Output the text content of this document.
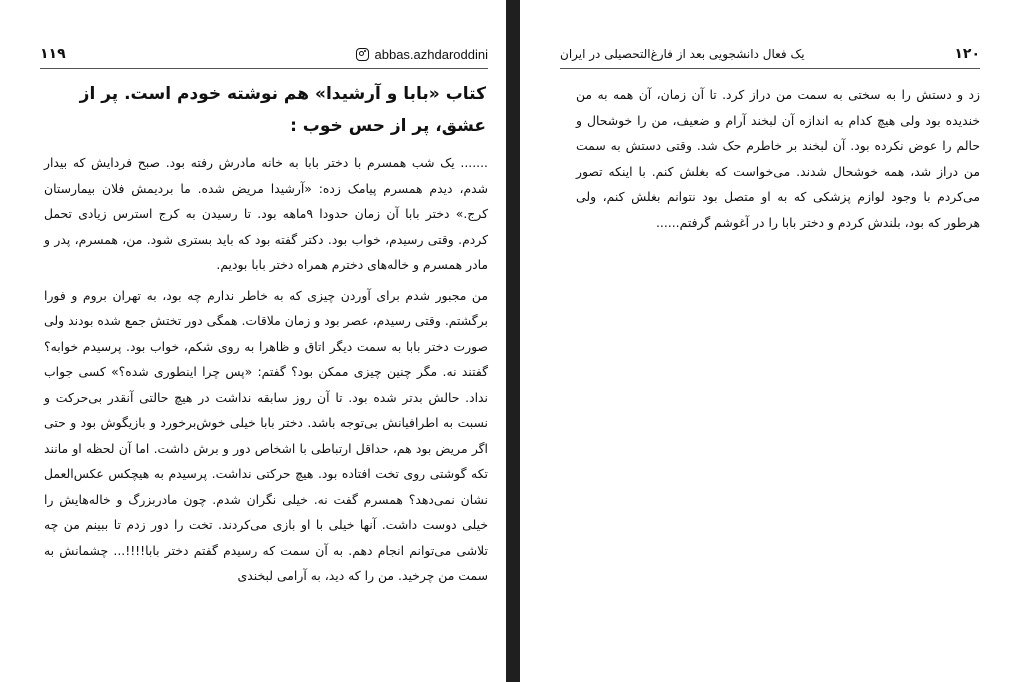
۱۱۹	abbas.azhdaroddini
کتاب «بابا و آرشیدا» هم نوشته خودم است. پر از عشق، پر از حس خوب :

....... یک شب همسرم با دختر بابا به خانه مادرش رفته بود. صبح فردایش که بیدار شدم، دیدم همسرم پیامک زده: «آرشیدا مریض شده. ما بردیمش فلان بیمارستان کرج.» دختر بابا آن زمان حدودا ۹ماهه بود. تا رسیدن به کرج استرس زیادی تحمل کردم. وقتی رسیدم، خواب بود. دکتر گفته بود که باید بستری شود. من، همسرم، پدر و مادر همسرم و خاله‌های دخترم همراه دختر بابا بودیم.

من مجبور شدم برای آوردن چیزی که به خاطر ندارم چه بود، به تهران بروم و فورا برگشتم. وقتی رسیدم، عصر بود و زمان ملاقات. همگی دور تختش جمع شده بودند ولی صورت دختر بابا به سمت دیگر اتاق و ظاهرا به روی شکم، خواب بود. پرسیدم خوابه؟ گفتند نه. مگر چنین چیزی ممکن بود؟ گفتم: «پس چرا اینطوری شده؟» کسی جواب نداد. حالش بدتر شده بود. تا آن روز سابقه نداشت در هیچ حالتی آنقدر بی‌حرکت و نسبت به اطرافیانش بی‌توجه باشد. دختر بابا خیلی خوش‌برخورد و بازیگوش بود و حتی اگر مریض بود هم، حداقل ارتباطی با اشخاص دور و برش داشت. اما آن لحظه او مانند تکه گوشتی روی تخت افتاده بود. هیچ حرکتی نداشت. پرسیدم به هیچکس عکس‌العمل نشان نمی‌دهد؟ همسرم گفت نه. خیلی نگران شدم. چون مادربزرگ و خاله‌هایش را خیلی دوست داشت. آنها خیلی با او بازی می‌کردند. تخت را دور زدم تا ببینم من چه تلاشی می‌توانم انجام دهم. به آن سمت که رسیدم گفتم دختر بابا!!!!... چشمانش به سمت من چرخید. من را که دید، به آرامی لبخندی

یک فعال دانشجویی بعد از فارغ‌التحصیلی در ایران	۱۲۰

زد و دستش را به سختی به سمت من دراز کرد. تا آن زمان، آن همه به من خندیده بود ولی هیچ کدام به اندازه آن لبخند آرام و ضعیف، من را خوشحال و حالم را عوض نکرده بود. آن لبخند بر خاطرم حک شد. وقتی دستش به سمت من دراز شد، همه خوشحال شدند. می‌خواست که بغلش کنم. با اینکه تصور می‌کردم با وجود لوازم پزشکی که به او متصل بود نتوانم بغلش کنم، ولی هرطور که بود، بلندش کردم و دختر بابا را در آغوشم گرفتم......
